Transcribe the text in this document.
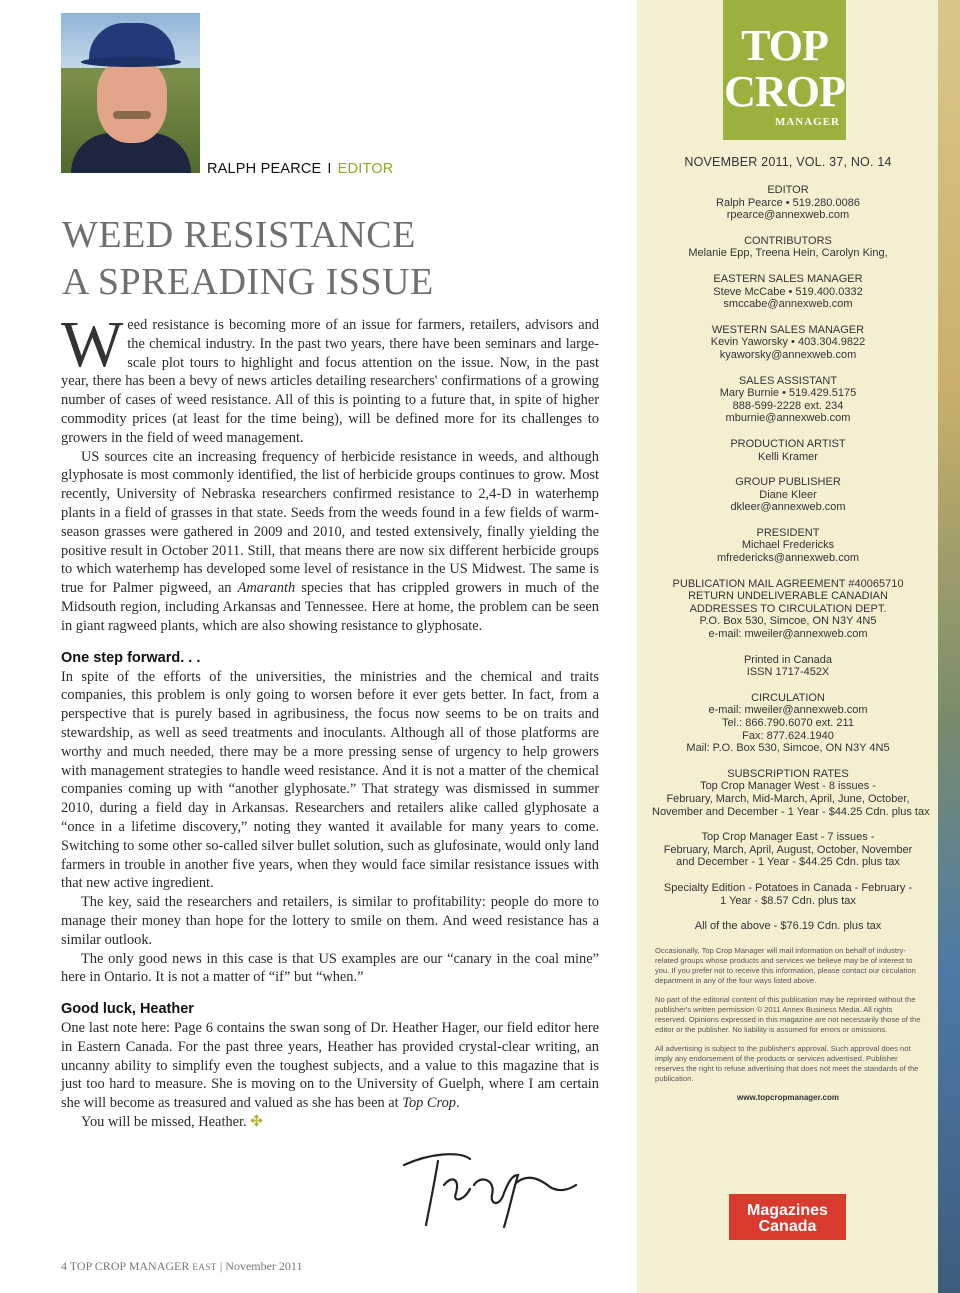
RALPH PEARCE I EDITOR
WEED RESISTANCE
A SPREADING ISSUE

Weed resistance is becoming more of an issue for farmers, retailers, advisors and the chemical industry. In the past two years, there have been seminars and large-scale plot tours to highlight and focus attention on the issue. Now, in the past year, there has been a bevy of news articles detailing researchers' confirmations of a growing number of cases of weed resistance. All of this is pointing to a future that, in spite of higher commodity prices (at least for the time being), will be defined more for its challenges to growers in the field of weed management.

US sources cite an increasing frequency of herbicide resistance in weeds, and although glyphosate is most commonly identified, the list of herbicide groups continues to grow. Most recently, University of Nebraska researchers confirmed resistance to 2,4-D in waterhemp plants in a field of grasses in that state. Seeds from the weeds found in a few fields of warm-season grasses were gathered in 2009 and 2010, and tested extensively, finally yielding the positive result in October 2011. Still, that means there are now six different herbicide groups to which waterhemp has developed some level of resistance in the US Midwest. The same is true for Palmer pigweed, an Amaranth species that has crippled growers in much of the Midsouth region, including Arkansas and Tennessee. Here at home, the problem can be seen in giant ragweed plants, which are also showing resistance to glyphosate.

One step forward. . .

In spite of the efforts of the universities, the ministries and the chemical and traits companies, this problem is only going to worsen before it ever gets better. In fact, from a perspective that is purely based in agribusiness, the focus now seems to be on traits and stewardship, as well as seed treatments and inoculants. Although all of those platforms are worthy and much needed, there may be a more pressing sense of urgency to help growers with management strategies to handle weed resistance. And it is not a matter of the chemical companies coming up with “another glyphosate.” That strategy was dismissed in summer 2010, during a field day in Arkansas. Researchers and retailers alike called glyphosate a “once in a lifetime discovery,” noting they wanted it available for many years to come. Switching to some other so-called silver bullet solution, such as glufosinate, would only land farmers in trouble in another five years, when they would face similar resistance issues with that new active ingredient.

The key, said the researchers and retailers, is similar to profitability: people do more to manage their money than hope for the lottery to smile on them. And weed resistance has a similar outlook.

The only good news in this case is that US examples are our “canary in the coal mine” here in Ontario. It is not a matter of “if” but “when.”

Good luck, Heather

One last note here: Page 6 contains the swan song of Dr. Heather Hager, our field editor here in Eastern Canada. For the past three years, Heather has provided crystal-clear writing, an uncanny ability to simplify even the toughest subjects, and a value to this magazine that is just too hard to measure. She is moving on to the University of Guelph, where I am certain she will become as treasured and valued as she has been at Top Crop.

You will be missed, Heather. ✤

4 TOP CROP MANAGER EAST | November 2011
TOP
CROP
MANAGER
NOVEMBER 2011, VOL. 37, NO. 14
EDITOR
Ralph Pearce • 519.280.0086
rpearce@annexweb.com
CONTRIBUTORS
Melanie Epp, Treena Hein, Carolyn King,
EASTERN SALES MANAGER
Steve McCabe • 519.400.0332
smccabe@annexweb.com
WESTERN SALES MANAGER
Kevin Yaworsky • 403.304.9822
kyaworsky@annexweb.com
SALES ASSISTANT
Mary Burnie • 519.429.5175
888-599-2228 ext. 234
mburnie@annexweb.com
PRODUCTION ARTIST
Kelli Kramer
GROUP PUBLISHER
Diane Kleer
dkleer@annexweb.com
PRESIDENT
Michael Fredericks
mfredericks@annexweb.com
PUBLICATION MAIL AGREEMENT #40065710
RETURN UNDELIVERABLE CANADIAN
ADDRESSES TO CIRCULATION DEPT.
P.O. Box 530, Simcoe, ON N3Y 4N5
e-mail: mweiler@annexweb.com
Printed in Canada
ISSN 1717-452X
CIRCULATION
e-mail: mweiler@annexweb.com
Tel.: 866.790.6070 ext. 211
Fax: 877.624.1940
Mail: P.O. Box 530, Simcoe, ON N3Y 4N5
SUBSCRIPTION RATES
Top Crop Manager West - 8 issues -
February, March, Mid-March, April, June, October,
November and December - 1 Year - $44.25 Cdn. plus tax
Top Crop Manager East - 7 issues -
February, March, April, August, October, November
and December - 1 Year - $44.25 Cdn. plus tax
Specialty Edition - Potatoes in Canada - February -
1 Year - $8.57 Cdn. plus tax
All of the above - $76.19 Cdn. plus tax
Occasionally, Top Crop Manager will mail information on behalf of industry-related groups whose products and services we believe may be of interest to you. If you prefer not to receive this information, please contact our circulation department in any of the four ways listed above.
No part of the editorial content of this publication may be reprinted without the publisher's written permission © 2011 Annex Business Media. All rights reserved. Opinions expressed in this magazine are not necessarily those of the editor or the publisher. No liability is assumed for errors or omissions.
All advertising is subject to the publisher's approval. Such approval does not imply any endorsement of the products or services advertised. Publisher reserves the right to refuse advertising that does not meet the standards of the publication.
www.topcropmanager.com
Magazines
Canada
